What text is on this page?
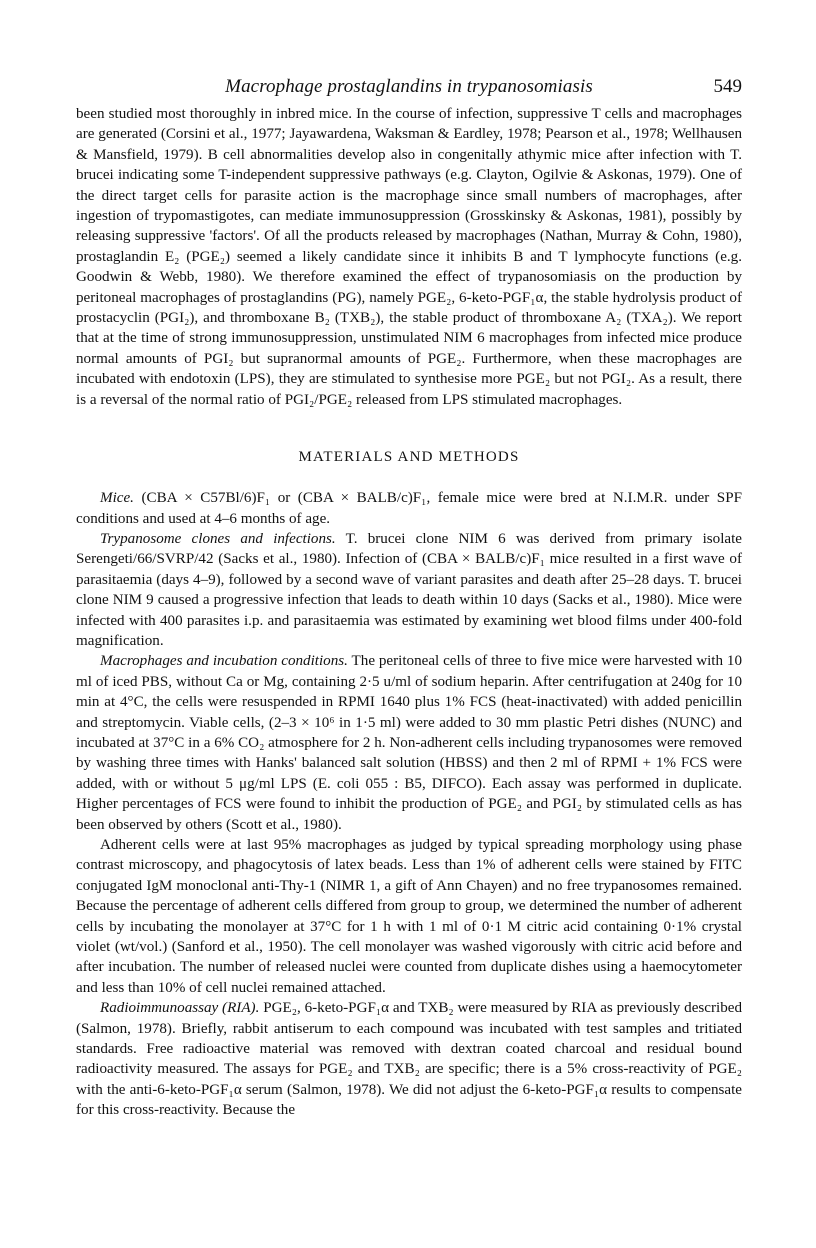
Macrophage prostaglandins in trypanosomiasis	549

been studied most thoroughly in inbred mice. In the course of infection, suppressive T cells and macrophages are generated (Corsini et al., 1977; Jayawardena, Waksman & Eardley, 1978; Pearson et al., 1978; Wellhausen & Mansfield, 1979). B cell abnormalities develop also in congenitally athymic mice after infection with T. brucei indicating some T-independent suppressive pathways (e.g. Clayton, Ogilvie & Askonas, 1979). One of the direct target cells for parasite action is the macrophage since small numbers of macrophages, after ingestion of trypomastigotes, can mediate immunosuppression (Grosskinsky & Askonas, 1981), possibly by releasing suppressive 'factors'. Of all the products released by macrophages (Nathan, Murray & Cohn, 1980), prostaglandin E₂ (PGE₂) seemed a likely candidate since it inhibits B and T lymphocyte functions (e.g. Goodwin & Webb, 1980). We therefore examined the effect of trypanosomiasis on the production by peritoneal macrophages of prostaglandins (PG), namely PGE₂, 6-keto-PGF₁α, the stable hydrolysis product of prostacyclin (PGI₂), and thromboxane B₂ (TXB₂), the stable product of thromboxane A₂ (TXA₂). We report that at the time of strong immunosuppression, unstimulated NIM 6 macrophages from infected mice produce normal amounts of PGI₂ but supranormal amounts of PGE₂. Furthermore, when these macrophages are incubated with endotoxin (LPS), they are stimulated to synthesise more PGE₂ but not PGI₂. As a result, there is a reversal of the normal ratio of PGI₂/PGE₂ released from LPS stimulated macrophages.

MATERIALS AND METHODS

Mice. (CBA × C57Bl/6)F₁ or (CBA × BALB/c)F₁, female mice were bred at N.I.M.R. under SPF conditions and used at 4–6 months of age.

Trypanosome clones and infections. T. brucei clone NIM 6 was derived from primary isolate Serengeti/66/SVRP/42 (Sacks et al., 1980). Infection of (CBA × BALB/c)F₁ mice resulted in a first wave of parasitaemia (days 4–9), followed by a second wave of variant parasites and death after 25–28 days. T. brucei clone NIM 9 caused a progressive infection that leads to death within 10 days (Sacks et al., 1980). Mice were infected with 400 parasites i.p. and parasitaemia was estimated by examining wet blood films under 400-fold magnification.

Macrophages and incubation conditions. The peritoneal cells of three to five mice were harvested with 10 ml of iced PBS, without Ca or Mg, containing 2·5 u/ml of sodium heparin. After centrifugation at 240g for 10 min at 4°C, the cells were resuspended in RPMI 1640 plus 1% FCS (heat-inactivated) with added penicillin and streptomycin. Viable cells, (2–3 × 10⁶ in 1·5 ml) were added to 30 mm plastic Petri dishes (NUNC) and incubated at 37°C in a 6% CO₂ atmosphere for 2 h. Non-adherent cells including trypanosomes were removed by washing three times with Hanks' balanced salt solution (HBSS) and then 2 ml of RPMI + 1% FCS were added, with or without 5 μg/ml LPS (E. coli 055 : B5, DIFCO). Each assay was performed in duplicate. Higher percentages of FCS were found to inhibit the production of PGE₂ and PGI₂ by stimulated cells as has been observed by others (Scott et al., 1980).

Adherent cells were at last 95% macrophages as judged by typical spreading morphology using phase contrast microscopy, and phagocytosis of latex beads. Less than 1% of adherent cells were stained by FITC conjugated IgM monoclonal anti-Thy-1 (NIMR 1, a gift of Ann Chayen) and no free trypanosomes remained. Because the percentage of adherent cells differed from group to group, we determined the number of adherent cells by incubating the monolayer at 37°C for 1 h with 1 ml of 0·1 M citric acid containing 0·1% crystal violet (wt/vol.) (Sanford et al., 1950). The cell monolayer was washed vigorously with citric acid before and after incubation. The number of released nuclei were counted from duplicate dishes using a haemocytometer and less than 10% of cell nuclei remained attached.

Radioimmunoassay (RIA). PGE₂, 6-keto-PGF₁α and TXB₂ were measured by RIA as previously described (Salmon, 1978). Briefly, rabbit antiserum to each compound was incubated with test samples and tritiated standards. Free radioactive material was removed with dextran coated charcoal and residual bound radioactivity measured. The assays for PGE₂ and TXB₂ are specific; there is a 5% cross-reactivity of PGE₂ with the anti-6-keto-PGF₁α serum (Salmon, 1978). We did not adjust the 6-keto-PGF₁α results to compensate for this cross-reactivity. Because the
